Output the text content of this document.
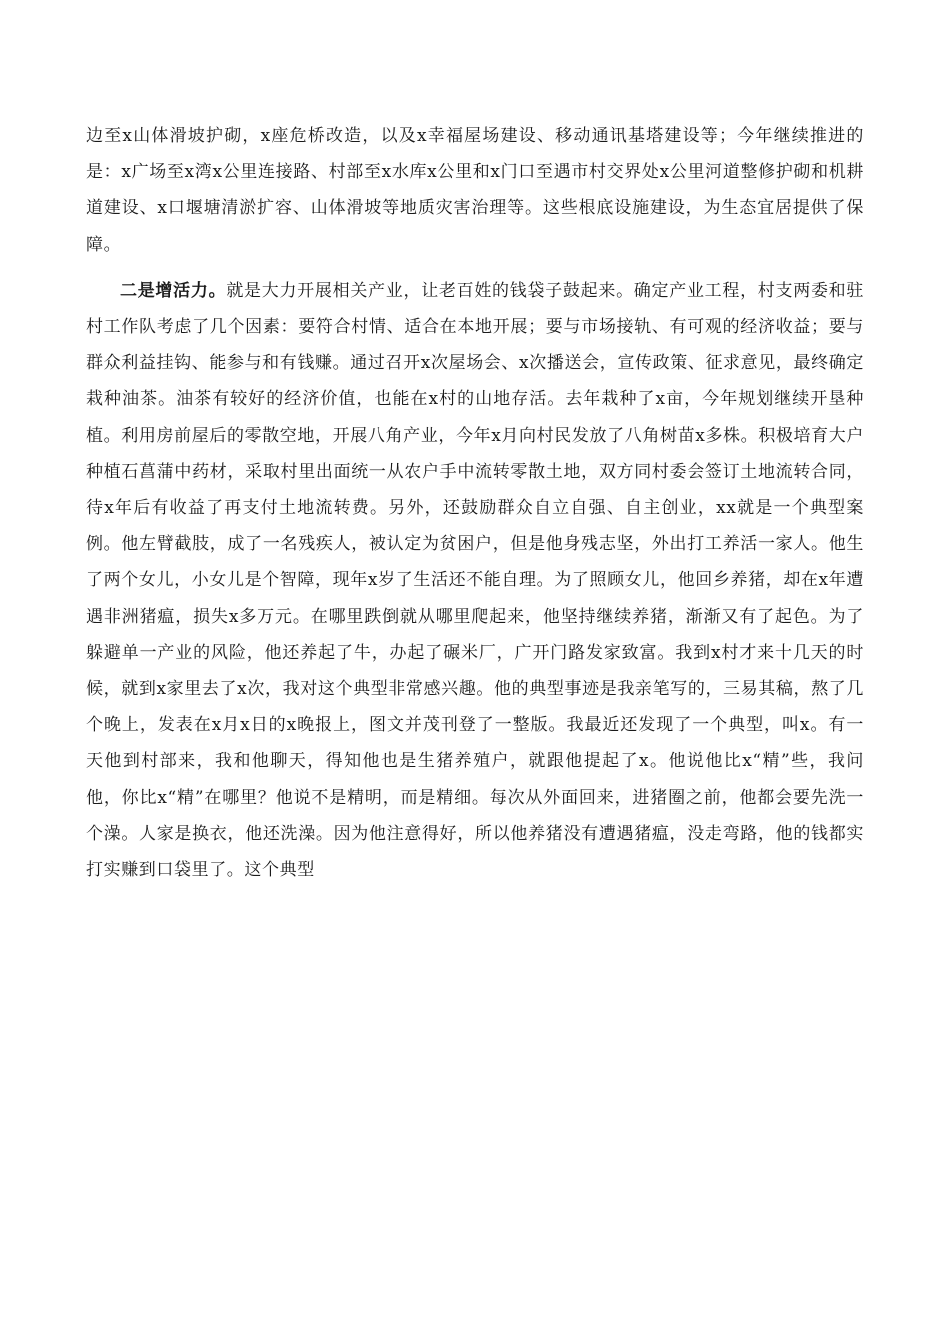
边至x山体滑坡护砌，x座危桥改造，以及x幸福屋场建设、移动通讯基塔建设等；今年继续推进的是：x广场至x湾x公里连接路、村部至x水库x公里和x门口至遇市村交界处x公里河道整修护砌和机耕道建设、x口堰塘清淤扩容、山体滑坡等地质灾害治理等。这些根底设施建设，为生态宜居提供了保障。

二是增活力。就是大力开展相关产业，让老百姓的钱袋子鼓起来。确定产业工程，村支两委和驻村工作队考虑了几个因素：要符合村情、适合在本地开展；要与市场接轨、有可观的经济收益；要与群众利益挂钩、能参与和有钱赚。通过召开x次屋场会、x次播送会，宣传政策、征求意见，最终确定栽种油茶。油茶有较好的经济价值，也能在x村的山地存活。去年栽种了x亩，今年规划继续开垦种植。利用房前屋后的零散空地，开展八角产业，今年x月向村民发放了八角树苗x多株。积极培育大户种植石菖蒲中药材，采取村里出面统一从农户手中流转零散土地，双方同村委会签订土地流转合同，待x年后有收益了再支付土地流转费。另外，还鼓励群众自立自强、自主创业，xx就是一个典型案例。他左臂截肢，成了一名残疾人，被认定为贫困户，但是他身残志坚，外出打工养活一家人。他生了两个女儿，小女儿是个智障，现年x岁了生活还不能自理。为了照顾女儿，他回乡养猪，却在x年遭遇非洲猪瘟，损失x多万元。在哪里跌倒就从哪里爬起来，他坚持继续养猪，渐渐又有了起色。为了躲避单一产业的风险，他还养起了牛，办起了碾米厂，广开门路发家致富。我到x村才来十几天的时候，就到x家里去了x次，我对这个典型非常感兴趣。他的典型事迹是我亲笔写的，三易其稿，熬了几个晚上，发表在x月x日的x晚报上，图文并茂刊登了一整版。我最近还发现了一个典型，叫x。有一天他到村部来，我和他聊天，得知他也是生猪养殖户，就跟他提起了x。他说他比x“精”些，我问他，你比x“精”在哪里？他说不是精明，而是精细。每次从外面回来，进猪圈之前，他都会要先洗一个澡。人家是换衣，他还洗澡。因为他注意得好，所以他养猪没有遭遇猪瘟，没走弯路，他的钱都实打实赚到口袋里了。这个典型
